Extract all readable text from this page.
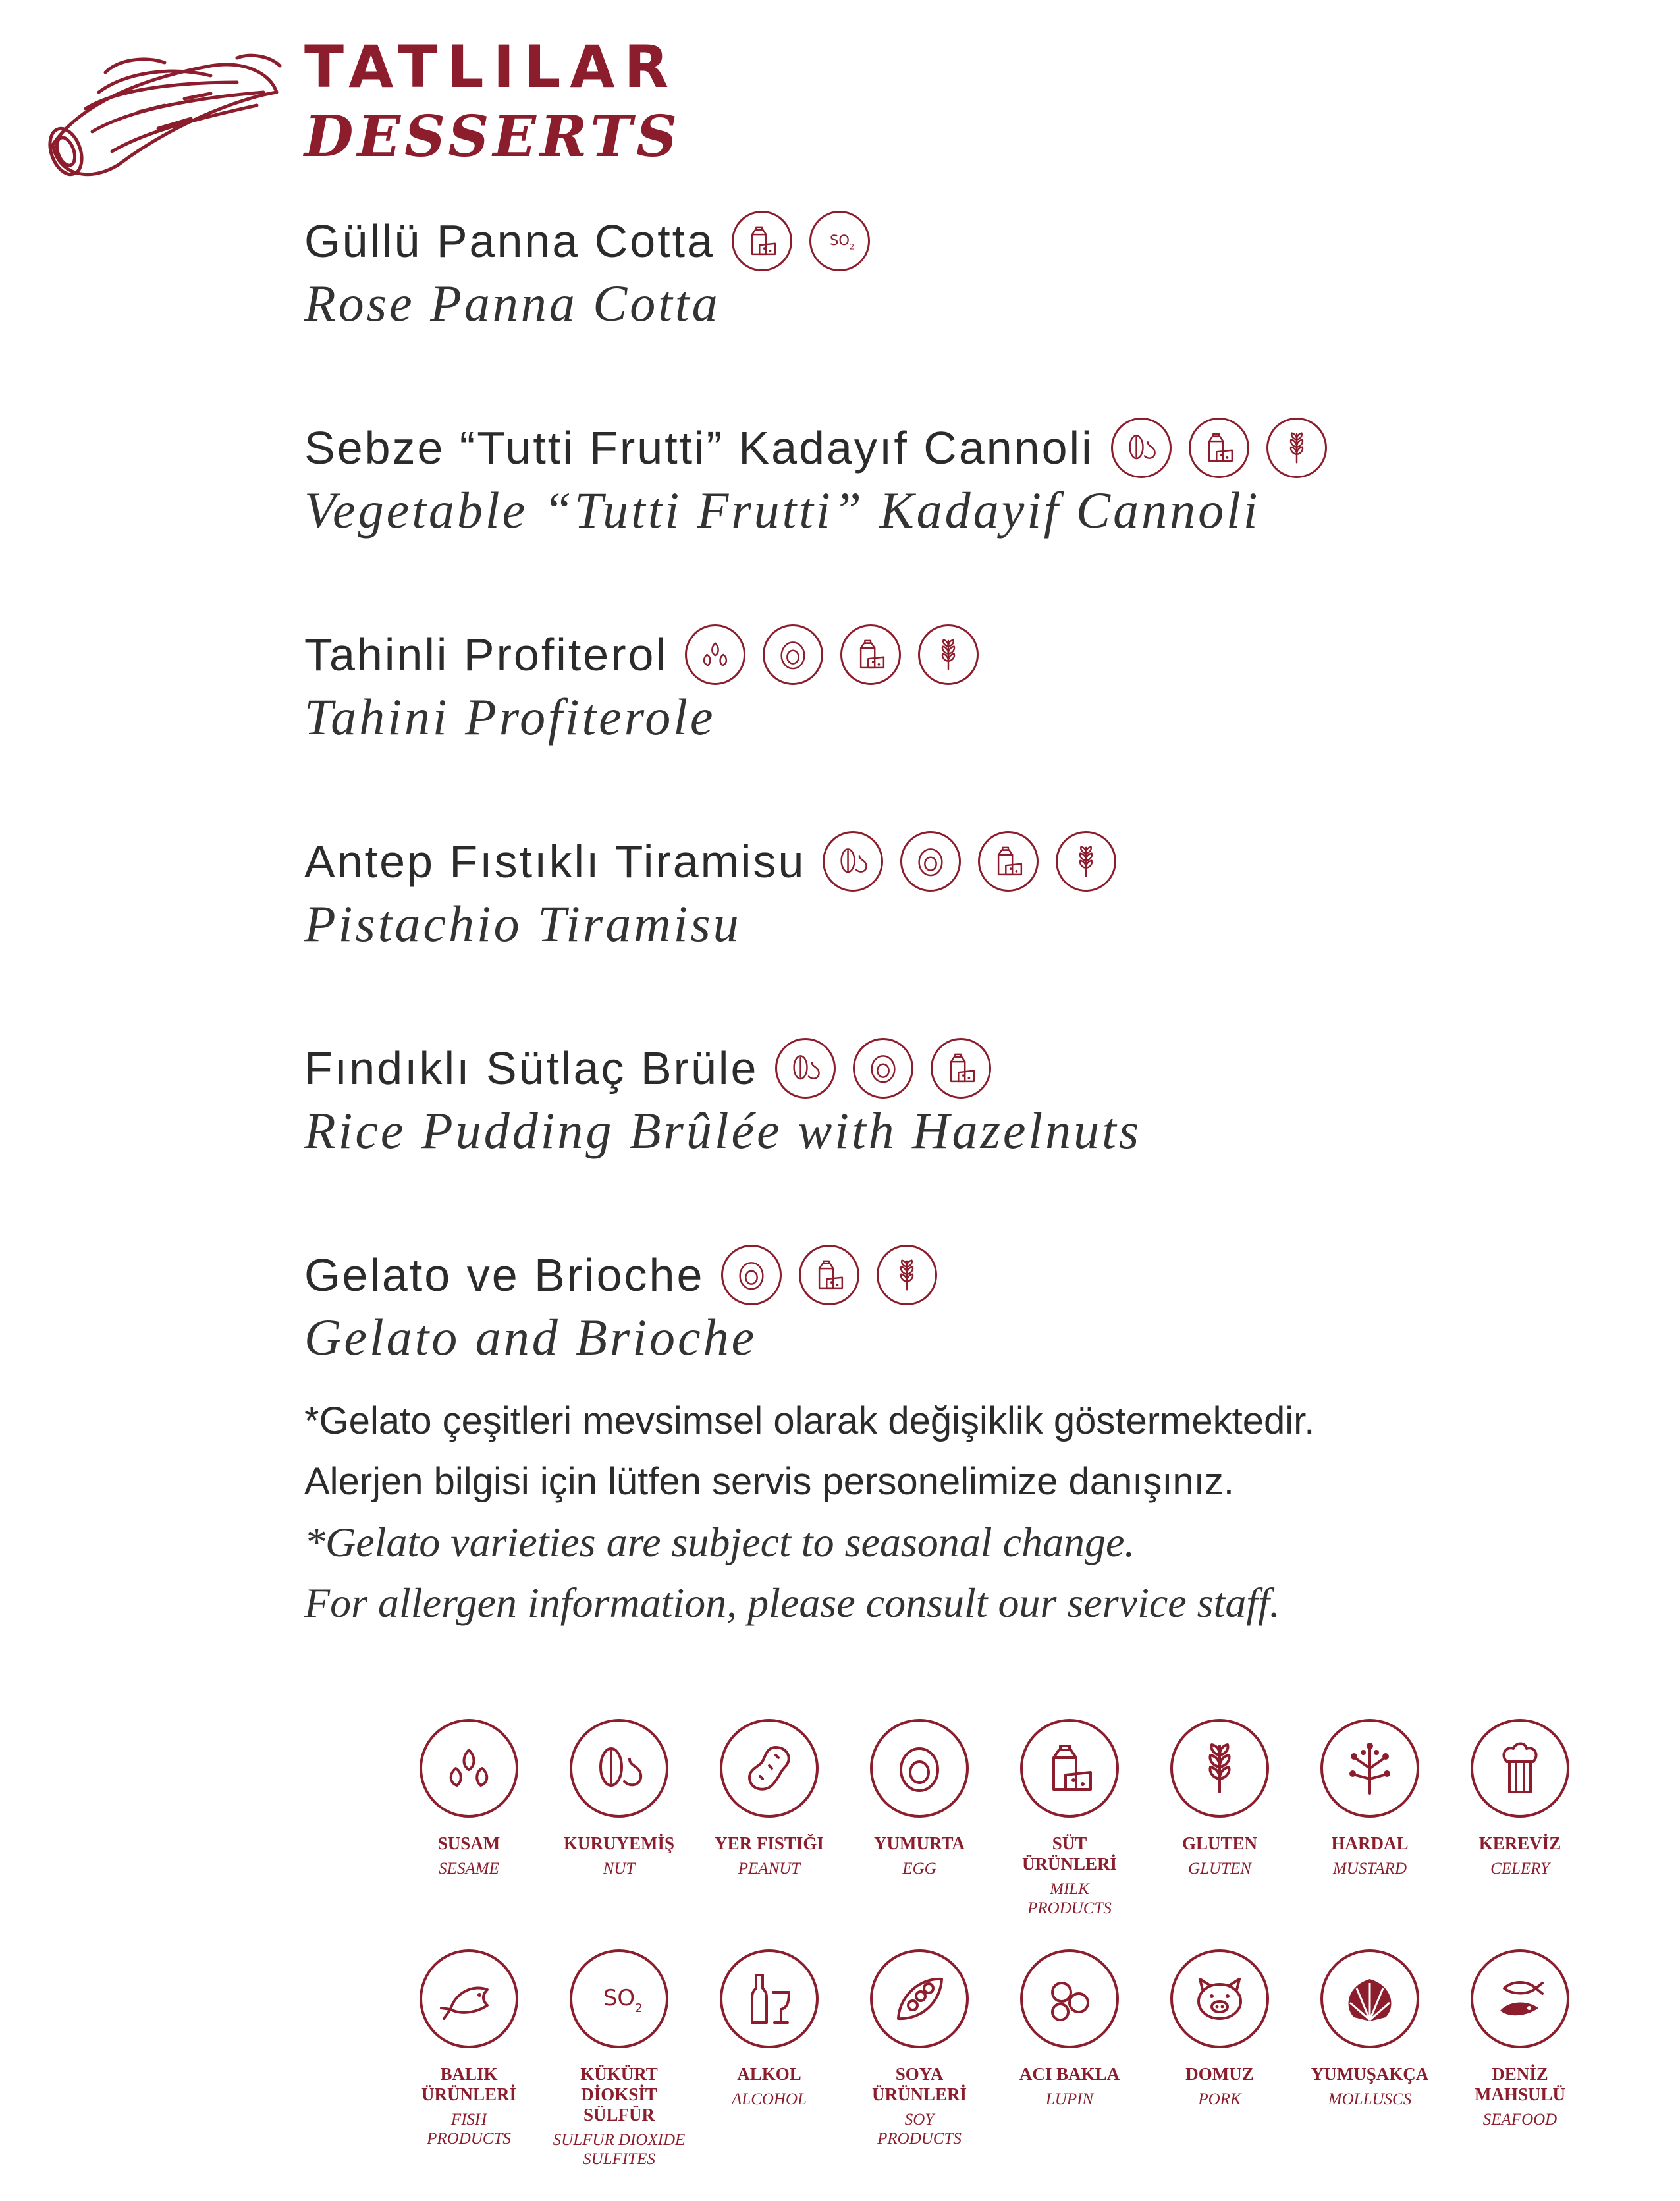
TATLILAR
DESSERTS
Güllü Panna Cotta
Rose Panna Cotta
Sebze “Tutti Frutti” Kadayıf Cannoli
Vegetable “Tutti Frutti” Kadayif Cannoli
Tahinli Profiterol
Tahini Profiterole
Antep Fıstıklı Tiramisu
Pistachio Tiramisu
Fındıklı Sütlaç Brüle
Rice Pudding Brûlée with Hazelnuts
Gelato ve Brioche
Gelato and Brioche
*Gelato çeşitleri mevsimsel olarak değişiklik göstermektedir.
Alerjen bilgisi için lütfen servis personelimize danışınız.
*Gelato varieties are subject to seasonal change.
For allergen information, please consult our service staff.
SUSAM
SESAME
KURUYEMİŞ
NUT
YER FISTIĞI
PEANUT
YUMURTA
EGG
SÜT
ÜRÜNLERİ
MILK
PRODUCTS
GLUTEN
GLUTEN
HARDAL
MUSTARD
KEREVİZ
CELERY
BALIK
ÜRÜNLERİ
FISH
PRODUCTS
KÜKÜRT DİOKSİT
SÜLFÜR
SULFUR DIOXIDE
SULFITES
ALKOL
ALCOHOL
SOYA
ÜRÜNLERİ
SOY
PRODUCTS
ACI BAKLA
LUPIN
DOMUZ
PORK
YUMUŞAKÇA
MOLLUSCS
DENİZ
MAHSULÜ
SEAFOOD
